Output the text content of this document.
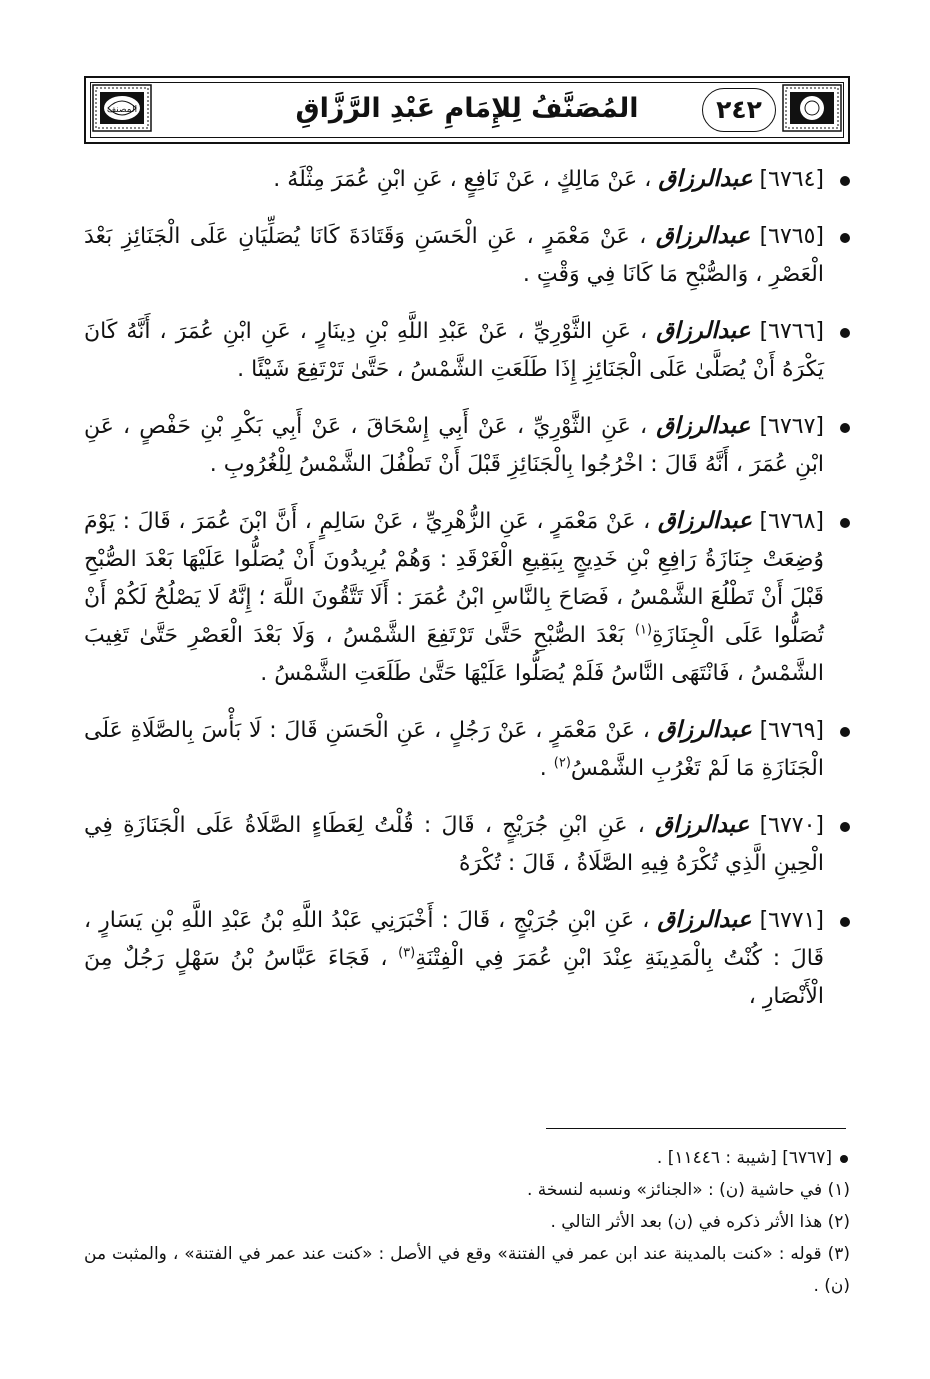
المصنف	٢٤٢
المُصَنَّفُ لِلإِمَامِ عَبْدِ الرَّزَّاقِ
[٦٧٦٤] عبدالرزاق ، عَنْ مَالِكٍ ، عَنْ نَافِعٍ ، عَنِ ابْنِ عُمَرَ مِثْلَهُ .
[٦٧٦٥] عبدالرزاق ، عَنْ مَعْمَرٍ ، عَنِ الْحَسَنِ وَقَتَادَةَ كَانَا يُصَلِّيَانِ عَلَى الْجَنَائِزِ بَعْدَ الْعَصْرِ ، وَالصُّبْحِ مَا كَانَا فِي وَقْتٍ .
[٦٧٦٦] عبدالرزاق ، عَنِ الثَّوْرِيِّ ، عَنْ عَبْدِ اللَّهِ بْنِ دِينَارٍ ، عَنِ ابْنِ عُمَرَ ، أَنَّهُ كَانَ يَكْرَهُ أَنْ يُصَلَّىٰ عَلَى الْجَنَائِزِ إِذَا طَلَعَتِ الشَّمْسُ ، حَتَّىٰ تَرْتَفِعَ شَيْئًا .
[٦٧٦٧] عبدالرزاق ، عَنِ الثَّوْرِيِّ ، عَنْ أَبِي إِسْحَاقَ ، عَنْ أَبِي بَكْرِ بْنِ حَفْصٍ ، عَنِ ابْنِ عُمَرَ ، أَنَّهُ قَالَ : اخْرُجُوا بِالْجَنَائِزِ قَبْلَ أَنْ تَطْفُلَ الشَّمْسُ لِلْغُرُوبِ .
[٦٧٦٨] عبدالرزاق ، عَنْ مَعْمَرٍ ، عَنِ الزُّهْرِيِّ ، عَنْ سَالِمٍ ، أَنَّ ابْنَ عُمَرَ ، قَالَ : يَوْمَ وُضِعَتْ جِنَازَةُ رَافِعِ بْنِ خَدِيجٍ بِبَقِيعِ الْغَرْقَدِ : وَهُمْ يُرِيدُونَ أَنْ يُصَلُّوا عَلَيْهَا بَعْدَ الصُّبْحِ قَبْلَ أَنْ تَطْلُعَ الشَّمْسُ ، فَصَاحَ بِالنَّاسِ ابْنُ عُمَرَ : أَلَا تَتَّقُونَ اللَّهَ ؛ إِنَّهُ لَا يَصْلُحُ لَكُمْ أَنْ تُصَلُّوا عَلَى الْجِنَازَةِ$^{(١)}$ بَعْدَ الصُّبْحِ حَتَّىٰ تَرْتَفِعَ الشَّمْسُ ، وَلَا بَعْدَ الْعَصْرِ حَتَّىٰ تَغِيبَ الشَّمْسُ ، فَانْتَهَى النَّاسُ فَلَمْ يُصَلُّوا عَلَيْهَا حَتَّىٰ طَلَعَتِ الشَّمْسُ .
[٦٧٦٩] عبدالرزاق ، عَنْ مَعْمَرٍ ، عَنْ رَجُلٍ ، عَنِ الْحَسَنِ قَالَ : لَا بَأْسَ بِالصَّلَاةِ عَلَى الْجَنَازَةِ مَا لَمْ تَغْرُبِ الشَّمْسُ$^{(٢)}$ .
[٦٧٧٠] عبدالرزاق ، عَنِ ابْنِ جُرَيْجٍ ، قَالَ : قُلْتُ لِعَطَاءٍ الصَّلَاةُ عَلَى الْجَنَازَةِ فِي الْحِينِ الَّذِي تُكْرَهُ فِيهِ الصَّلَاةُ ، قَالَ : تُكْرَهُ
[٦٧٧١] عبدالرزاق ، عَنِ ابْنِ جُرَيْجٍ ، قَالَ : أَخْبَرَنِي عَبْدُ اللَّهِ بْنُ عَبْدِ اللَّهِ بْنِ يَسَارٍ ، قَالَ : كُنْتُ بِالْمَدِينَةِ عِنْدَ ابْنِ عُمَرَ فِي الْفِتْنَةِ$^{(٣)}$ ، فَجَاءَ عَبَّاسُ بْنُ سَهْلٍ رَجُلٌ مِنَ الْأَنْصَارِ ،
[٦٧٦٧] [شيبة : ١١٤٤٦] .
(١) في حاشية (ن) : «الجنائز» ونسبه لنسخة .
(٢) هذا الأثر ذكره في (ن) بعد الأثر التالي .
(٣) قوله : «كنت بالمدينة عند ابن عمر في الفتنة» وقع في الأصل : «كنت عند عمر في الفتنة» ، والمثبت من (ن) .
